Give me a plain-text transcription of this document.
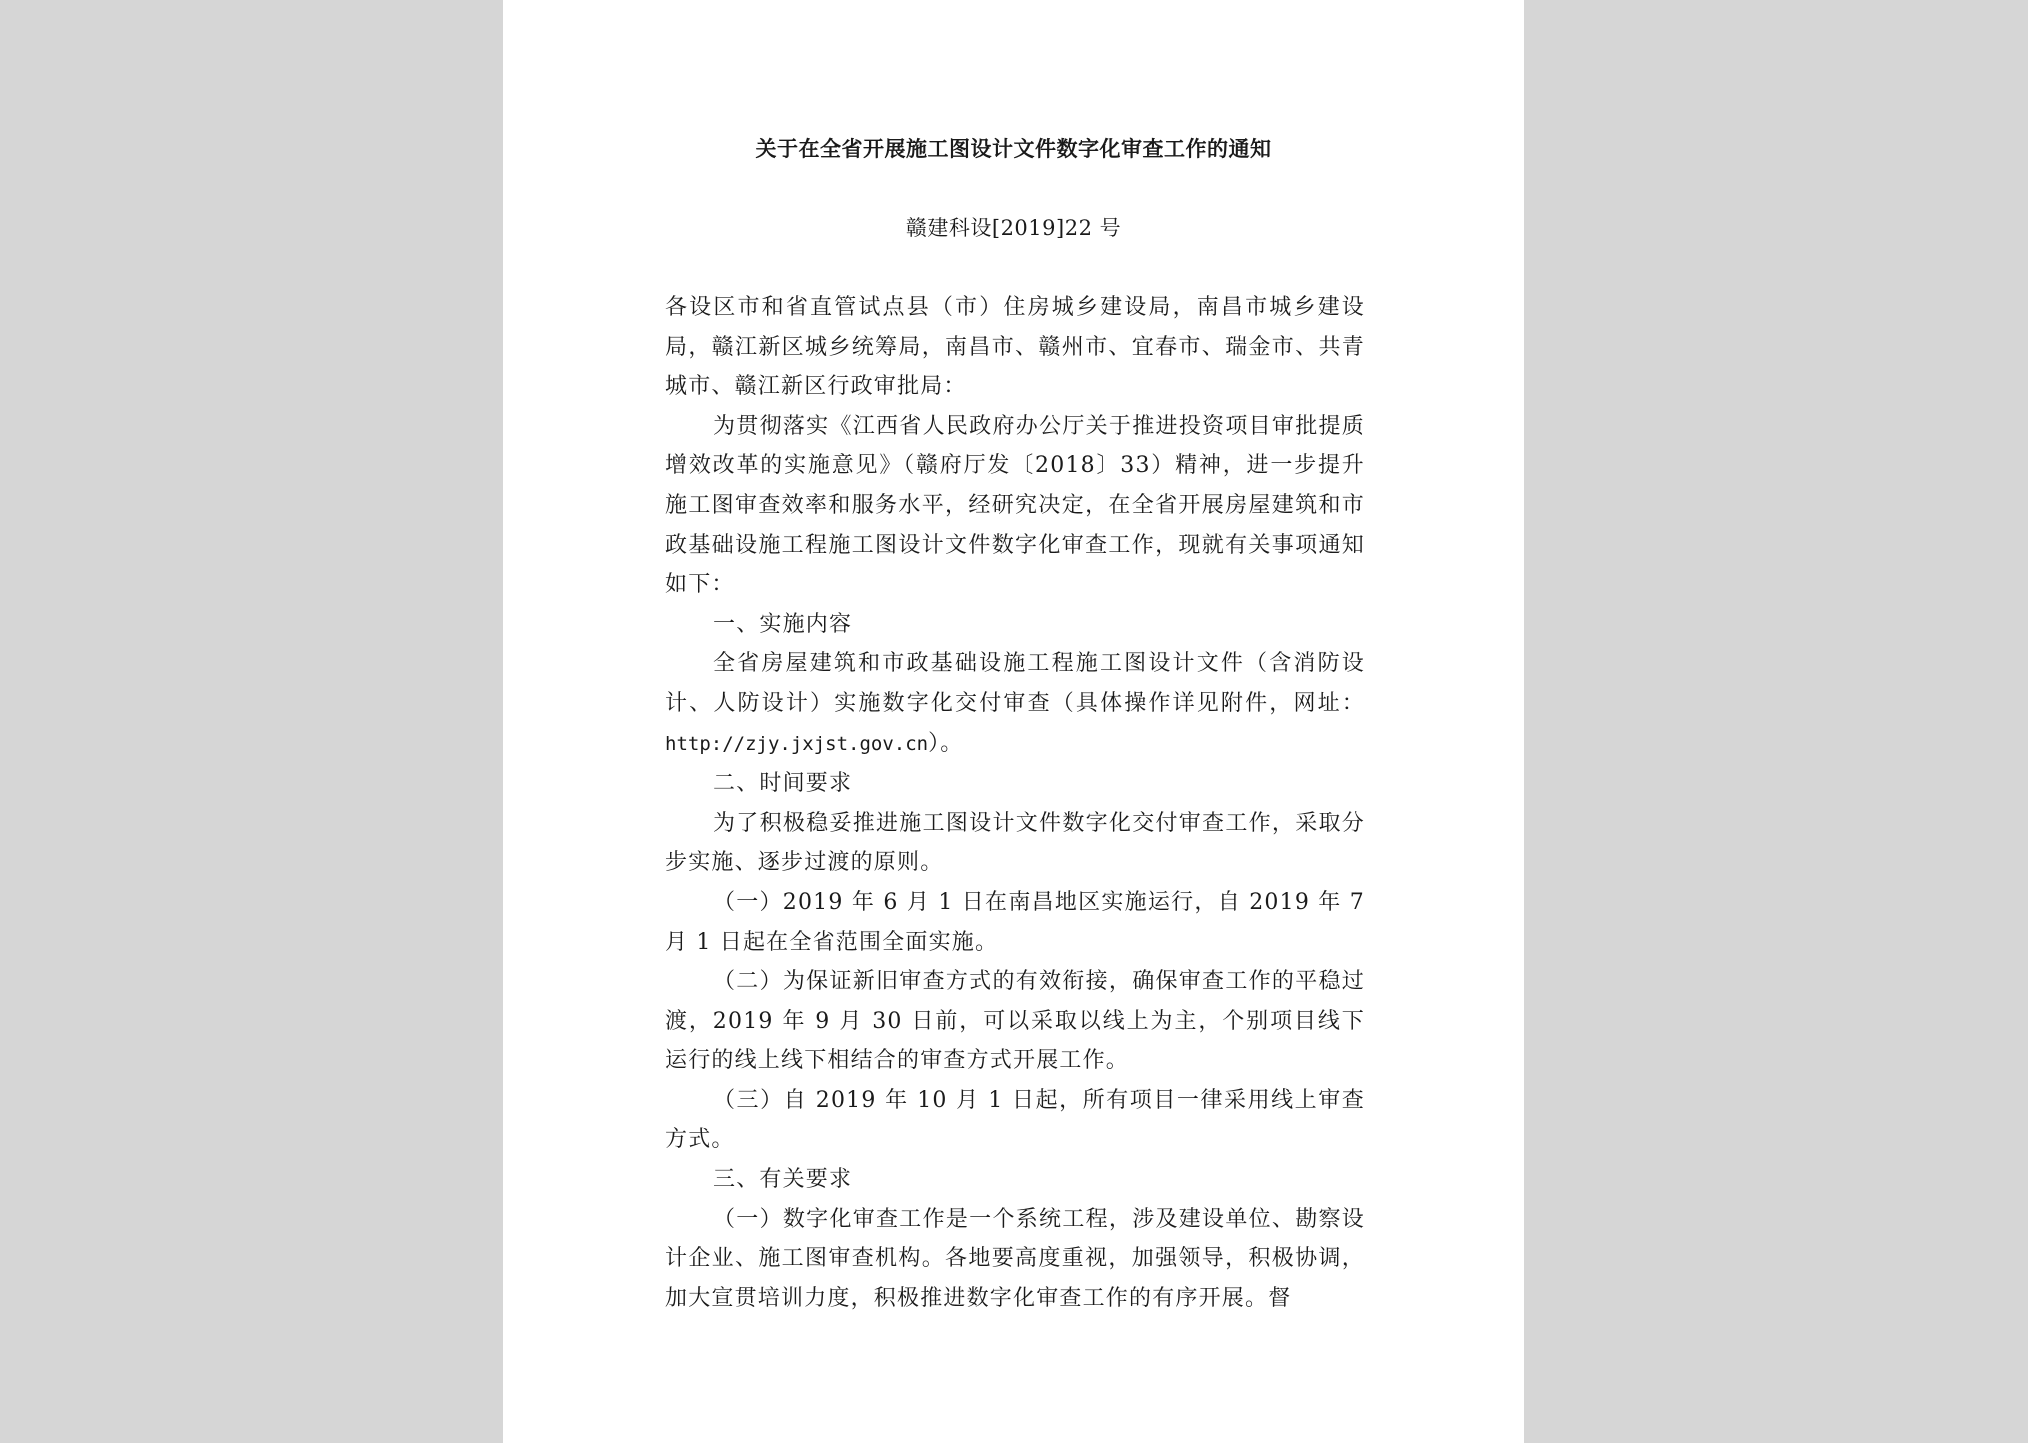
关于在全省开展施工图设计文件数字化审查工作的通知
赣建科设[2019]22 号

各设区市和省直管试点县（市）住房城乡建设局，南昌市城乡建设局，赣江新区城乡统筹局，南昌市、赣州市、宜春市、瑞金市、共青城市、赣江新区行政审批局：

为贯彻落实《江西省人民政府办公厅关于推进投资项目审批提质增效改革的实施意见》（赣府厅发〔2018〕33）精神，进一步提升施工图审查效率和服务水平，经研究决定，在全省开展房屋建筑和市政基础设施工程施工图设计文件数字化审查工作，现就有关事项通知如下：

一、实施内容

全省房屋建筑和市政基础设施工程施工图设计文件（含消防设计、人防设计）实施数字化交付审查（具体操作详见附件，网址：http://zjy.jxjst.gov.cn）。

二、时间要求

为了积极稳妥推进施工图设计文件数字化交付审查工作，采取分步实施、逐步过渡的原则。

（一）2019 年 6 月 1 日在南昌地区实施运行，自 2019 年 7 月 1 日起在全省范围全面实施。

（二）为保证新旧审查方式的有效衔接，确保审查工作的平稳过渡，2019 年 9 月 30 日前，可以采取以线上为主，个别项目线下运行的线上线下相结合的审查方式开展工作。

（三）自 2019 年 10 月 1 日起，所有项目一律采用线上审查方式。

三、有关要求

（一）数字化审查工作是一个系统工程，涉及建设单位、勘察设计企业、施工图审查机构。各地要高度重视，加强领导，积极协调，加大宣贯培训力度，积极推进数字化审查工作的有序开展。督
